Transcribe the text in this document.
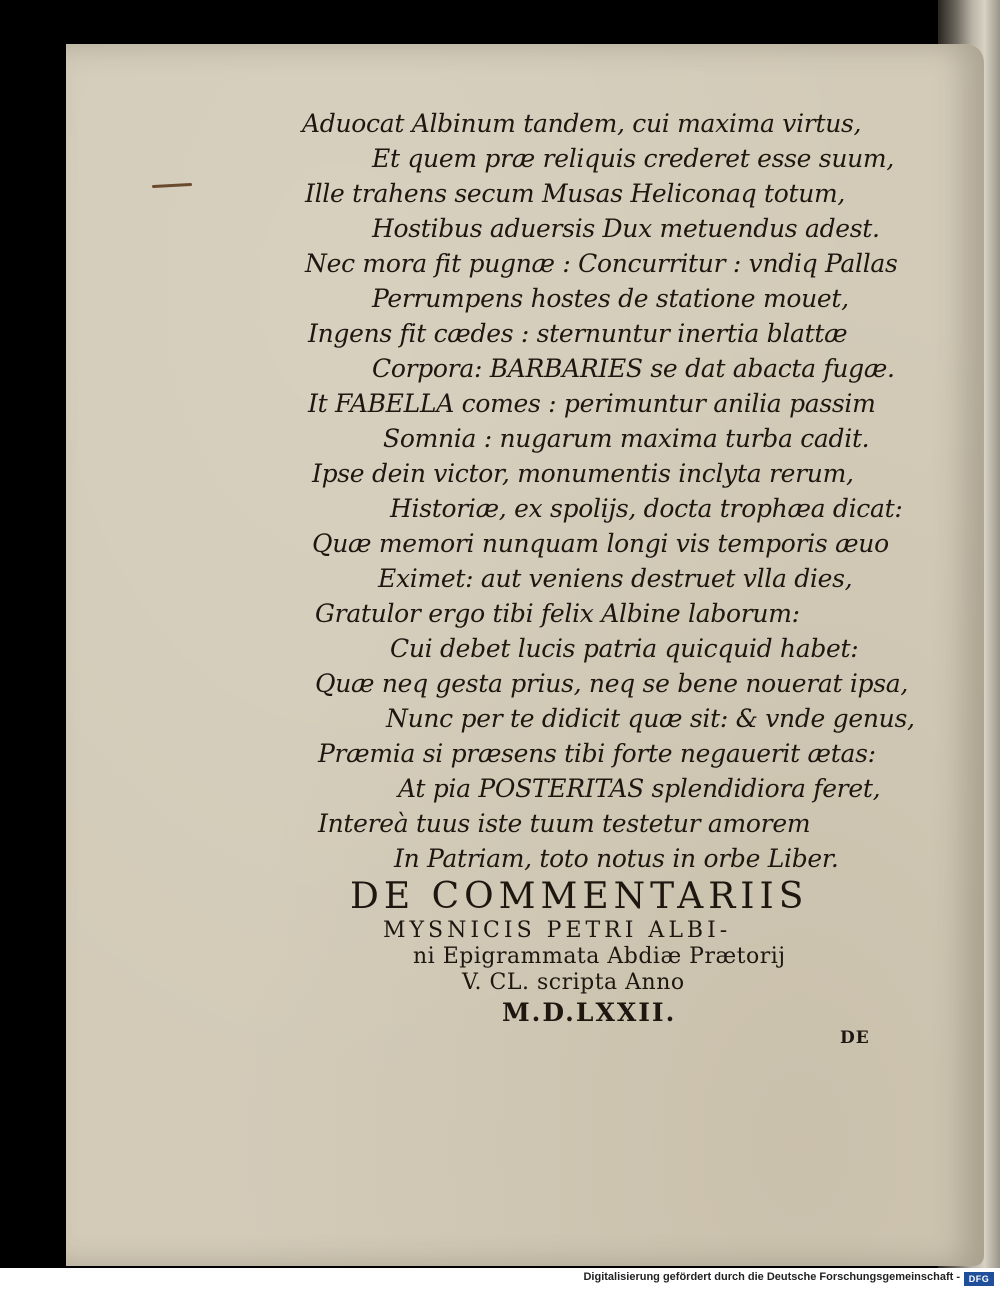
Aduocat Albinum tandem, cui maxima virtus,
Et quem præ reliquis crederet esse suum,
Ille trahens secum Musas Heliconaq totum,
Hostibus aduersis Dux metuendus adest.
Nec mora fit pugnæ : Concurritur : vndiq Pallas
Perrumpens hostes de statione mouet,
Ingens fit cædes : sternuntur inertia blattæ
Corpora: BARBARIES se dat abacta fugæ.
It FABELLA comes : perimuntur anilia passim
Somnia : nugarum maxima turba cadit.
Ipse dein victor, monumentis inclyta rerum,
Historiæ, ex spolijs, docta trophæa dicat:
Quæ memori nunquam longi vis temporis æuo
Eximet: aut veniens destruet vlla dies,
Gratulor ergo tibi felix Albine laborum:
Cui debet lucis patria quicquid habet:
Quæ neq gesta prius, neq se bene nouerat ipsa,
Nunc per te didicit quæ sit: & vnde genus,
Præmia si præsens tibi forte negauerit ætas:
At pia POSTERITAS splendidiora feret,
Intereà tuus iste tuum testetur amorem
In Patriam, toto notus in orbe Liber.
DE COMMENTARIIS
MYSNICIS PETRI ALBI-
ni Epigrammata Abdiæ Prætorij
V. CL. scripta Anno
M.D.LXXII.
DE
Digitalisierung gefördert durch die Deutsche Forschungsgemeinschaft - DFG
